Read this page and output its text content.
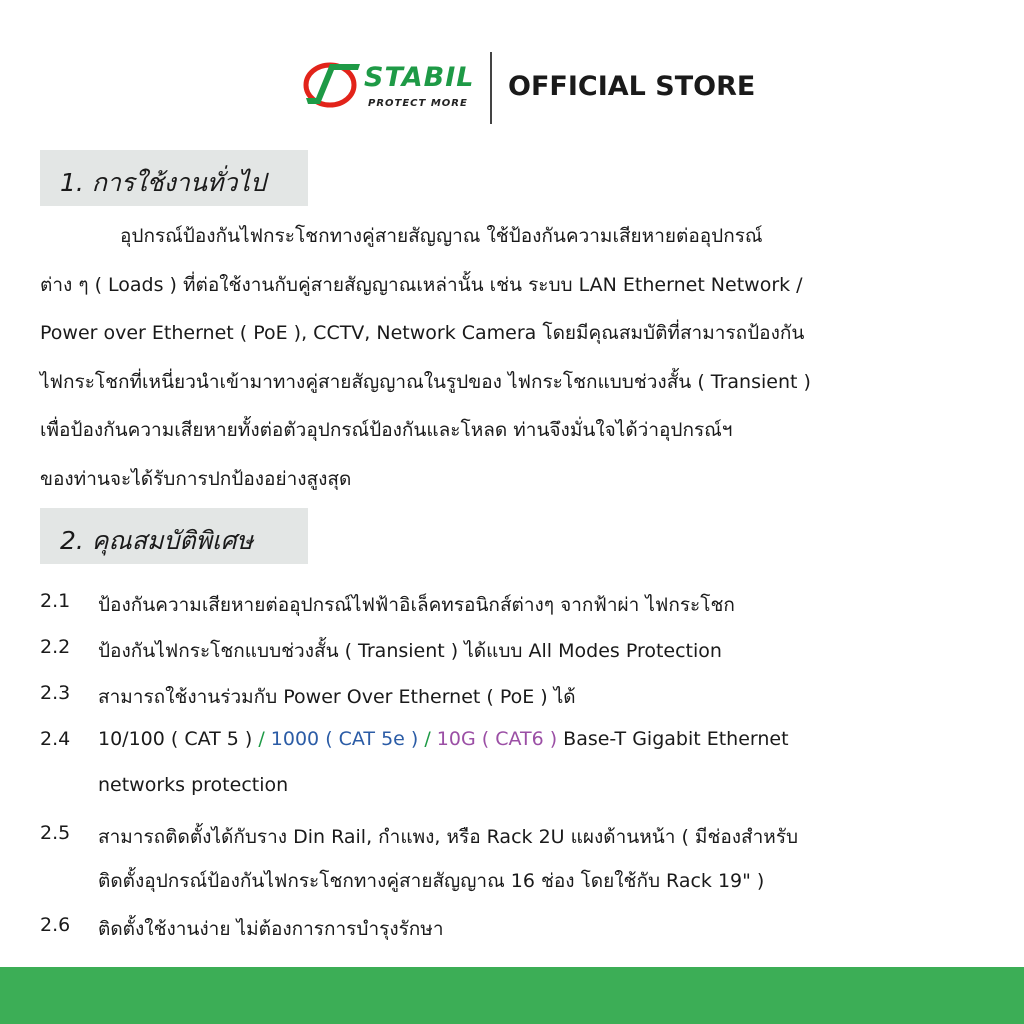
STABIL
PROTECT MORE
OFFICIAL STORE
1. การใช้งานทั่วไป
อุปกรณ์ป้องกันไฟกระโชกทางคู่สายสัญญาณ ใช้ป้องกันความเสียหายต่ออุปกรณ์
ต่าง ๆ ( Loads ) ที่ต่อใช้งานกับคู่สายสัญญาณเหล่านั้น เช่น ระบบ LAN Ethernet Network /
Power over Ethernet ( PoE ), CCTV, Network Camera โดยมีคุณสมบัติที่สามารถป้องกัน
ไฟกระโชกที่เหนี่ยวนำเข้ามาทางคู่สายสัญญาณในรูปของ ไฟกระโชกแบบช่วงสั้น ( Transient )
เพื่อป้องกันความเสียหายทั้งต่อตัวอุปกรณ์ป้องกันและโหลด ท่านจึงมั่นใจได้ว่าอุปกรณ์ฯ
ของท่านจะได้รับการปกป้องอย่างสูงสุด
2. คุณสมบัติพิเศษ
2.1 ป้องกันความเสียหายต่ออุปกรณ์ไฟฟ้าอิเล็คทรอนิกส์ต่างๆ จากฟ้าผ่า ไฟกระโชก
2.2 ป้องกันไฟกระโชกแบบช่วงสั้น ( Transient ) ได้แบบ All Modes Protection
2.3 สามารถใช้งานร่วมกับ Power Over Ethernet ( PoE ) ได้
2.4 10/100 ( CAT 5 ) / 1000 ( CAT 5e ) / 10G ( CAT6 ) Base-T Gigabit Ethernet
networks protection
2.5 สามารถติดตั้งได้กับราง Din Rail, กำแพง, หรือ Rack 2U แผงด้านหน้า ( มีช่องสำหรับ
ติดตั้งอุปกรณ์ป้องกันไฟกระโชกทางคู่สายสัญญาณ 16 ช่อง โดยใช้กับ Rack 19" )
2.6 ติดตั้งใช้งานง่าย ไม่ต้องการการบำรุงรักษา
